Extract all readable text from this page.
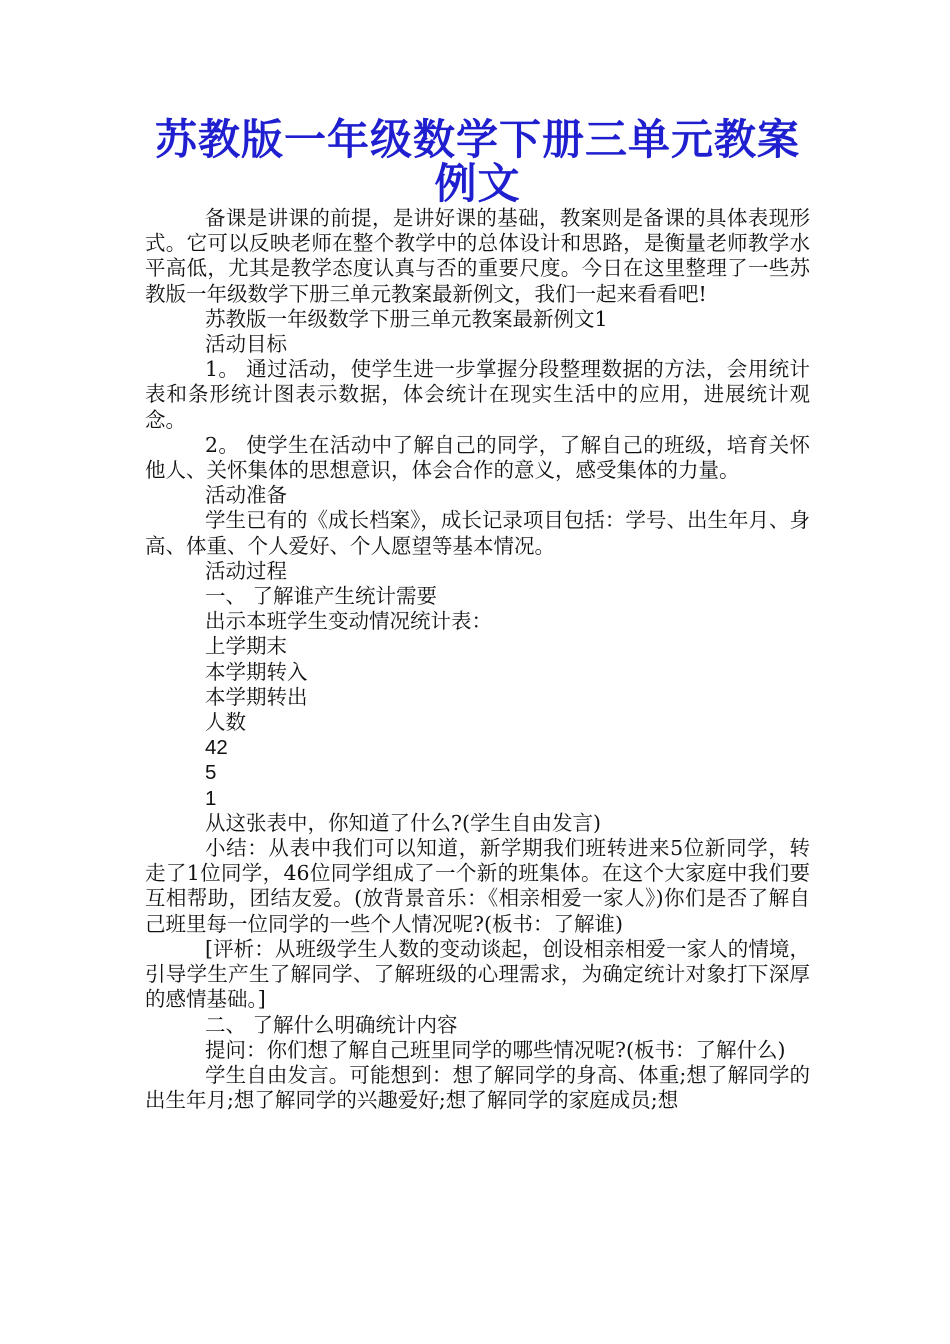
苏教版一年级数学下册三单元教案
例文

备课是讲课的前提，是讲好课的基础，教案则是备课的具体表现形式。它可以反映老师在整个教学中的总体设计和思路，是衡量老师教学水平高低，尤其是教学态度认真与否的重要尺度。今日在这里整理了一些苏教版一年级数学下册三单元教案最新例文，我们一起来看看吧!

苏教版一年级数学下册三单元教案最新例文1

活动目标

1。 通过活动，使学生进一步掌握分段整理数据的方法，会用统计表和条形统计图表示数据，体会统计在现实生活中的应用，进展统计观念。

2。 使学生在活动中了解自己的同学，了解自己的班级，培育关怀他人、关怀集体的思想意识，体会合作的意义，感受集体的力量。

活动准备

学生已有的《成长档案》，成长记录项目包括：学号、出生年月、身高、体重、个人爱好、个人愿望等基本情况。

活动过程

一、 了解谁产生统计需要

出示本班学生变动情况统计表：

上学期末

本学期转入

本学期转出

人数

42

5

1

从这张表中，你知道了什么?(学生自由发言)

小结：从表中我们可以知道，新学期我们班转进来5位新同学，转走了1位同学，46位同学组成了一个新的班集体。在这个大家庭中我们要互相帮助，团结友爱。(放背景音乐：《相亲相爱一家人》)你们是否了解自己班里每一位同学的一些个人情况呢?(板书：了解谁)

[评析：从班级学生人数的变动谈起，创设相亲相爱一家人的情境，引导学生产生了解同学、了解班级的心理需求，为确定统计对象打下深厚的感情基础。]

二、 了解什么明确统计内容

提问：你们想了解自己班里同学的哪些情况呢?(板书：了解什么)

学生自由发言。可能想到：想了解同学的身高、体重;想了解同学的出生年月;想了解同学的兴趣爱好;想了解同学的家庭成员;想
